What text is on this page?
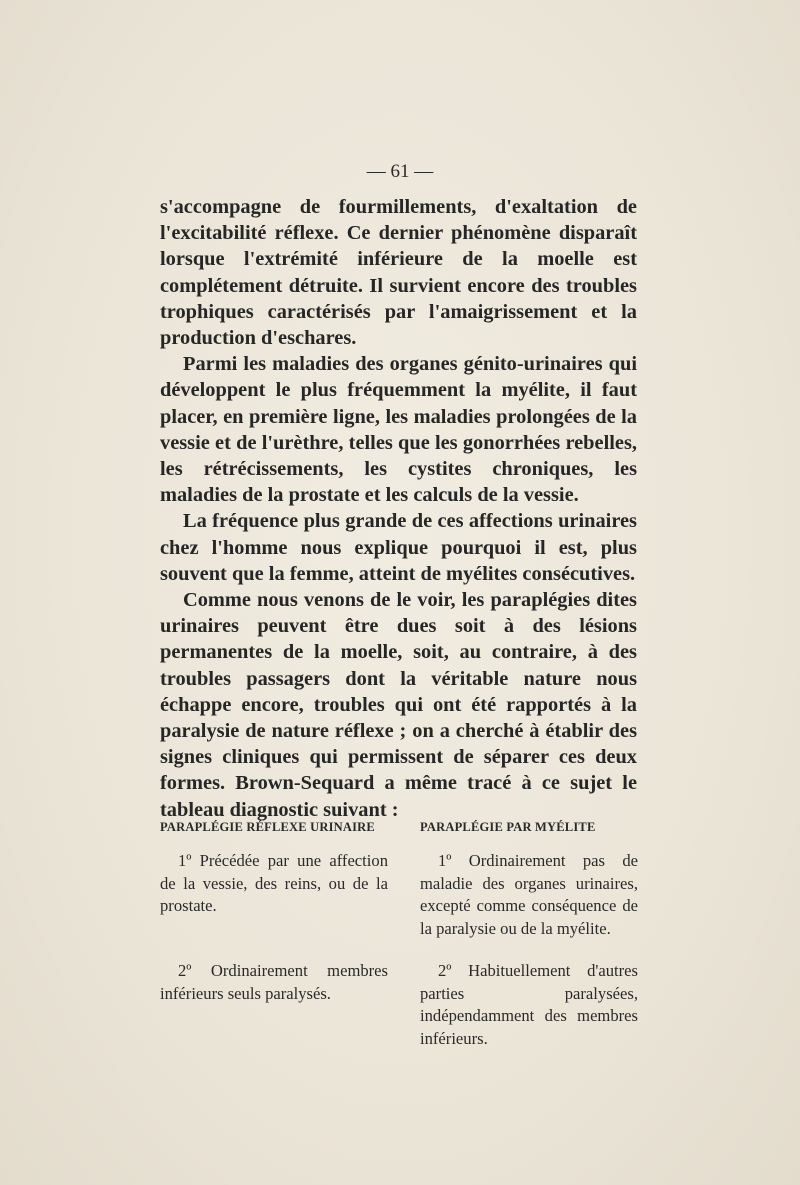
— 61 —

s'accompagne de fourmillements, d'exaltation de l'excitabilité réflexe. Ce dernier phénomène disparaît lorsque l'extrémité inférieure de la moelle est complétement détruite. Il survient encore des troubles trophiques caractérisés par l'amaigrissement et la production d'eschares.

Parmi les maladies des organes génito-urinaires qui développent le plus fréquemment la myélite, il faut placer, en première ligne, les maladies prolongées de la vessie et de l'urèthre, telles que les gonorrhées rebelles, les rétrécissements, les cystites chroniques, les maladies de la prostate et les calculs de la vessie.

La fréquence plus grande de ces affections urinaires chez l'homme nous explique pourquoi il est, plus souvent que la femme, atteint de myélites consécutives.

Comme nous venons de le voir, les paraplégies dites urinaires peuvent être dues soit à des lésions permanentes de la moelle, soit, au contraire, à des troubles passagers dont la véritable nature nous échappe encore, troubles qui ont été rapportés à la paralysie de nature réflexe ; on a cherché à établir des signes cliniques qui permissent de séparer ces deux formes. Brown-Sequard a même tracé à ce sujet le tableau diagnostic suivant :

PARAPLÉGIE RÉFLEXE URINAIRE

1º Précédée par une affection de la vessie, des reins, ou de la prostate.

2º Ordinairement membres inférieurs seuls paralysés.

PARAPLÉGIE PAR MYÉLITE

1º Ordinairement pas de maladie des organes urinaires, excepté comme conséquence de la paralysie ou de la myélite.

2º Habituellement d'autres parties paralysées, indépendamment des membres inférieurs.
